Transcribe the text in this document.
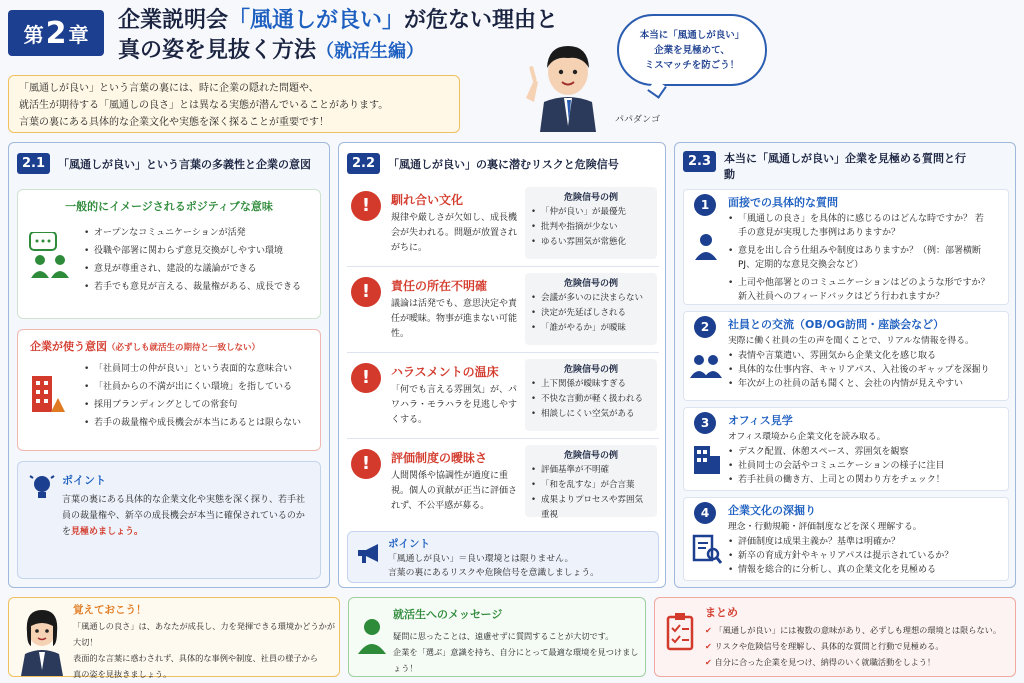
第 2 章
企業説明会「風通しが良い」が危ない理由と
真の姿を見抜く方法（就活生編）
「風通しが良い」という言葉の裏には、時に企業の隠れた問題や、
就活生が期待する「風通しの良さ」とは異なる実態が潜んでいることがあります。
言葉の裏にある具体的な企業文化や実態を深く探ることが重要です！
本当に「風通しが良い」
企業を見極めて、
ミスマッチを防ごう！
パパダンゴ
2.1	「風通しが良い」という言葉の多義性と企業の意図
一般的にイメージされるポジティブな意味
• オープンなコミュニケーションが活発
• 役職や部署に関わらず意見交換がしやすい環境
• 意見が尊重され、建設的な議論ができる
• 若手でも意見が言える、裁量権がある、成長できる
企業が使う意図（必ずしも就活生の期待と一致しない）
• 「社員同士の仲が良い」という表面的な意味合い
• 「社員からの不満が出にくい環境」を指している
• 採用ブランディングとしての常套句
• 若手の裁量権や成長機会が本当にあるとは限らない
ポイント
言葉の裏にある具体的な企業文化や実態を深く探り、若手社員の裁量権や、新卒の成長機会が本当に確保されているのかを見極めましょう。
2.2	「風通しが良い」の裏に潜むリスクと危険信号
!	馴れ合い文化
規律や厳しさが欠如し、成長機会が失われる。問題が放置されがちに。
危険信号の例
• 「仲が良い」が最優先
• 批判や指摘が少ない
• ゆるい雰囲気が常態化
!	責任の所在不明確
議論は活発でも、意思決定や責任が曖昧。物事が進まない可能性。
危険信号の例
• 会議が多いのに決まらない
• 決定が先延ばしされる
• 「誰がやるか」が曖昧
!	ハラスメントの温床
「何でも言える雰囲気」が、パワハラ・モラハラを見逃しやすくする。
危険信号の例
• 上下関係が曖昧すぎる
• 不快な言動が軽く扱われる
• 相談しにくい空気がある
!	評価制度の曖昧さ
人間関係や協調性が過度に重視。個人の貢献が正当に評価されず、不公平感が募る。
危険信号の例
• 評価基準が不明確
• 「和を乱すな」が合言葉
• 成果よりプロセスや雰囲気重視
ポイント
「風通しが良い」＝良い環境とは限りません。
言葉の裏にあるリスクや危険信号を意識しましょう。
2.3	本当に「風通しが良い」企業を見極める質問と行動
1	面接での具体的な質問
• 「風通しの良さ」を具体的に感じるのはどんな時ですか？ 若手の意見が実現した事例はありますか？
• 意見を出し合う仕組みや制度はありますか？（例：部署横断PJ、定期的な意見交換会など）
• 上司や他部署とのコミュニケーションはどのような形ですか？ 新入社員へのフィードバックはどう行われますか？
2	社員との交流（OB/OG訪問・座談会など）
実際に働く社員の生の声を聞くことで、リアルな情報を得る。
• 表情や言葉遣い、雰囲気から企業文化を感じ取る
• 具体的な仕事内容、キャリアパス、入社後のギャップを深掘り
• 年次が上の社員の話も聞くと、会社の内情が見えやすい
3	オフィス見学
オフィス環境から企業文化を読み取る。
• デスク配置、休憩スペース、雰囲気を観察
• 社員同士の会話やコミュニケーションの様子に注目
• 若手社員の働き方、上司との関わり方をチェック！
4	企業文化の深掘り
理念・行動規範・評価制度などを深く理解する。
• 評価制度は成果主義か？基準は明確か？
• 新卒の育成方針やキャリアパスは提示されているか？
• 情報を総合的に分析し、真の企業文化を見極める
覚えておこう！
「風通しの良さ」は、あなたが成長し、力を発揮できる環境かどうかが大切！
表面的な言葉に惑わされず、具体的な事例や制度、社員の様子から
真の姿を見抜きましょう。
就活生へのメッセージ
疑問に思ったことは、遠慮せずに質問することが大切です。
企業を「選ぶ」意識を持ち、自分にとって最適な環境を見つけましょう！
まとめ
✔ 「風通しが良い」には複数の意味があり、必ずしも理想の環境とは限らない。
✔ リスクや危険信号を理解し、具体的な質問と行動で見極める。
✔ 自分に合った企業を見つけ、納得のいく就職活動をしよう！
